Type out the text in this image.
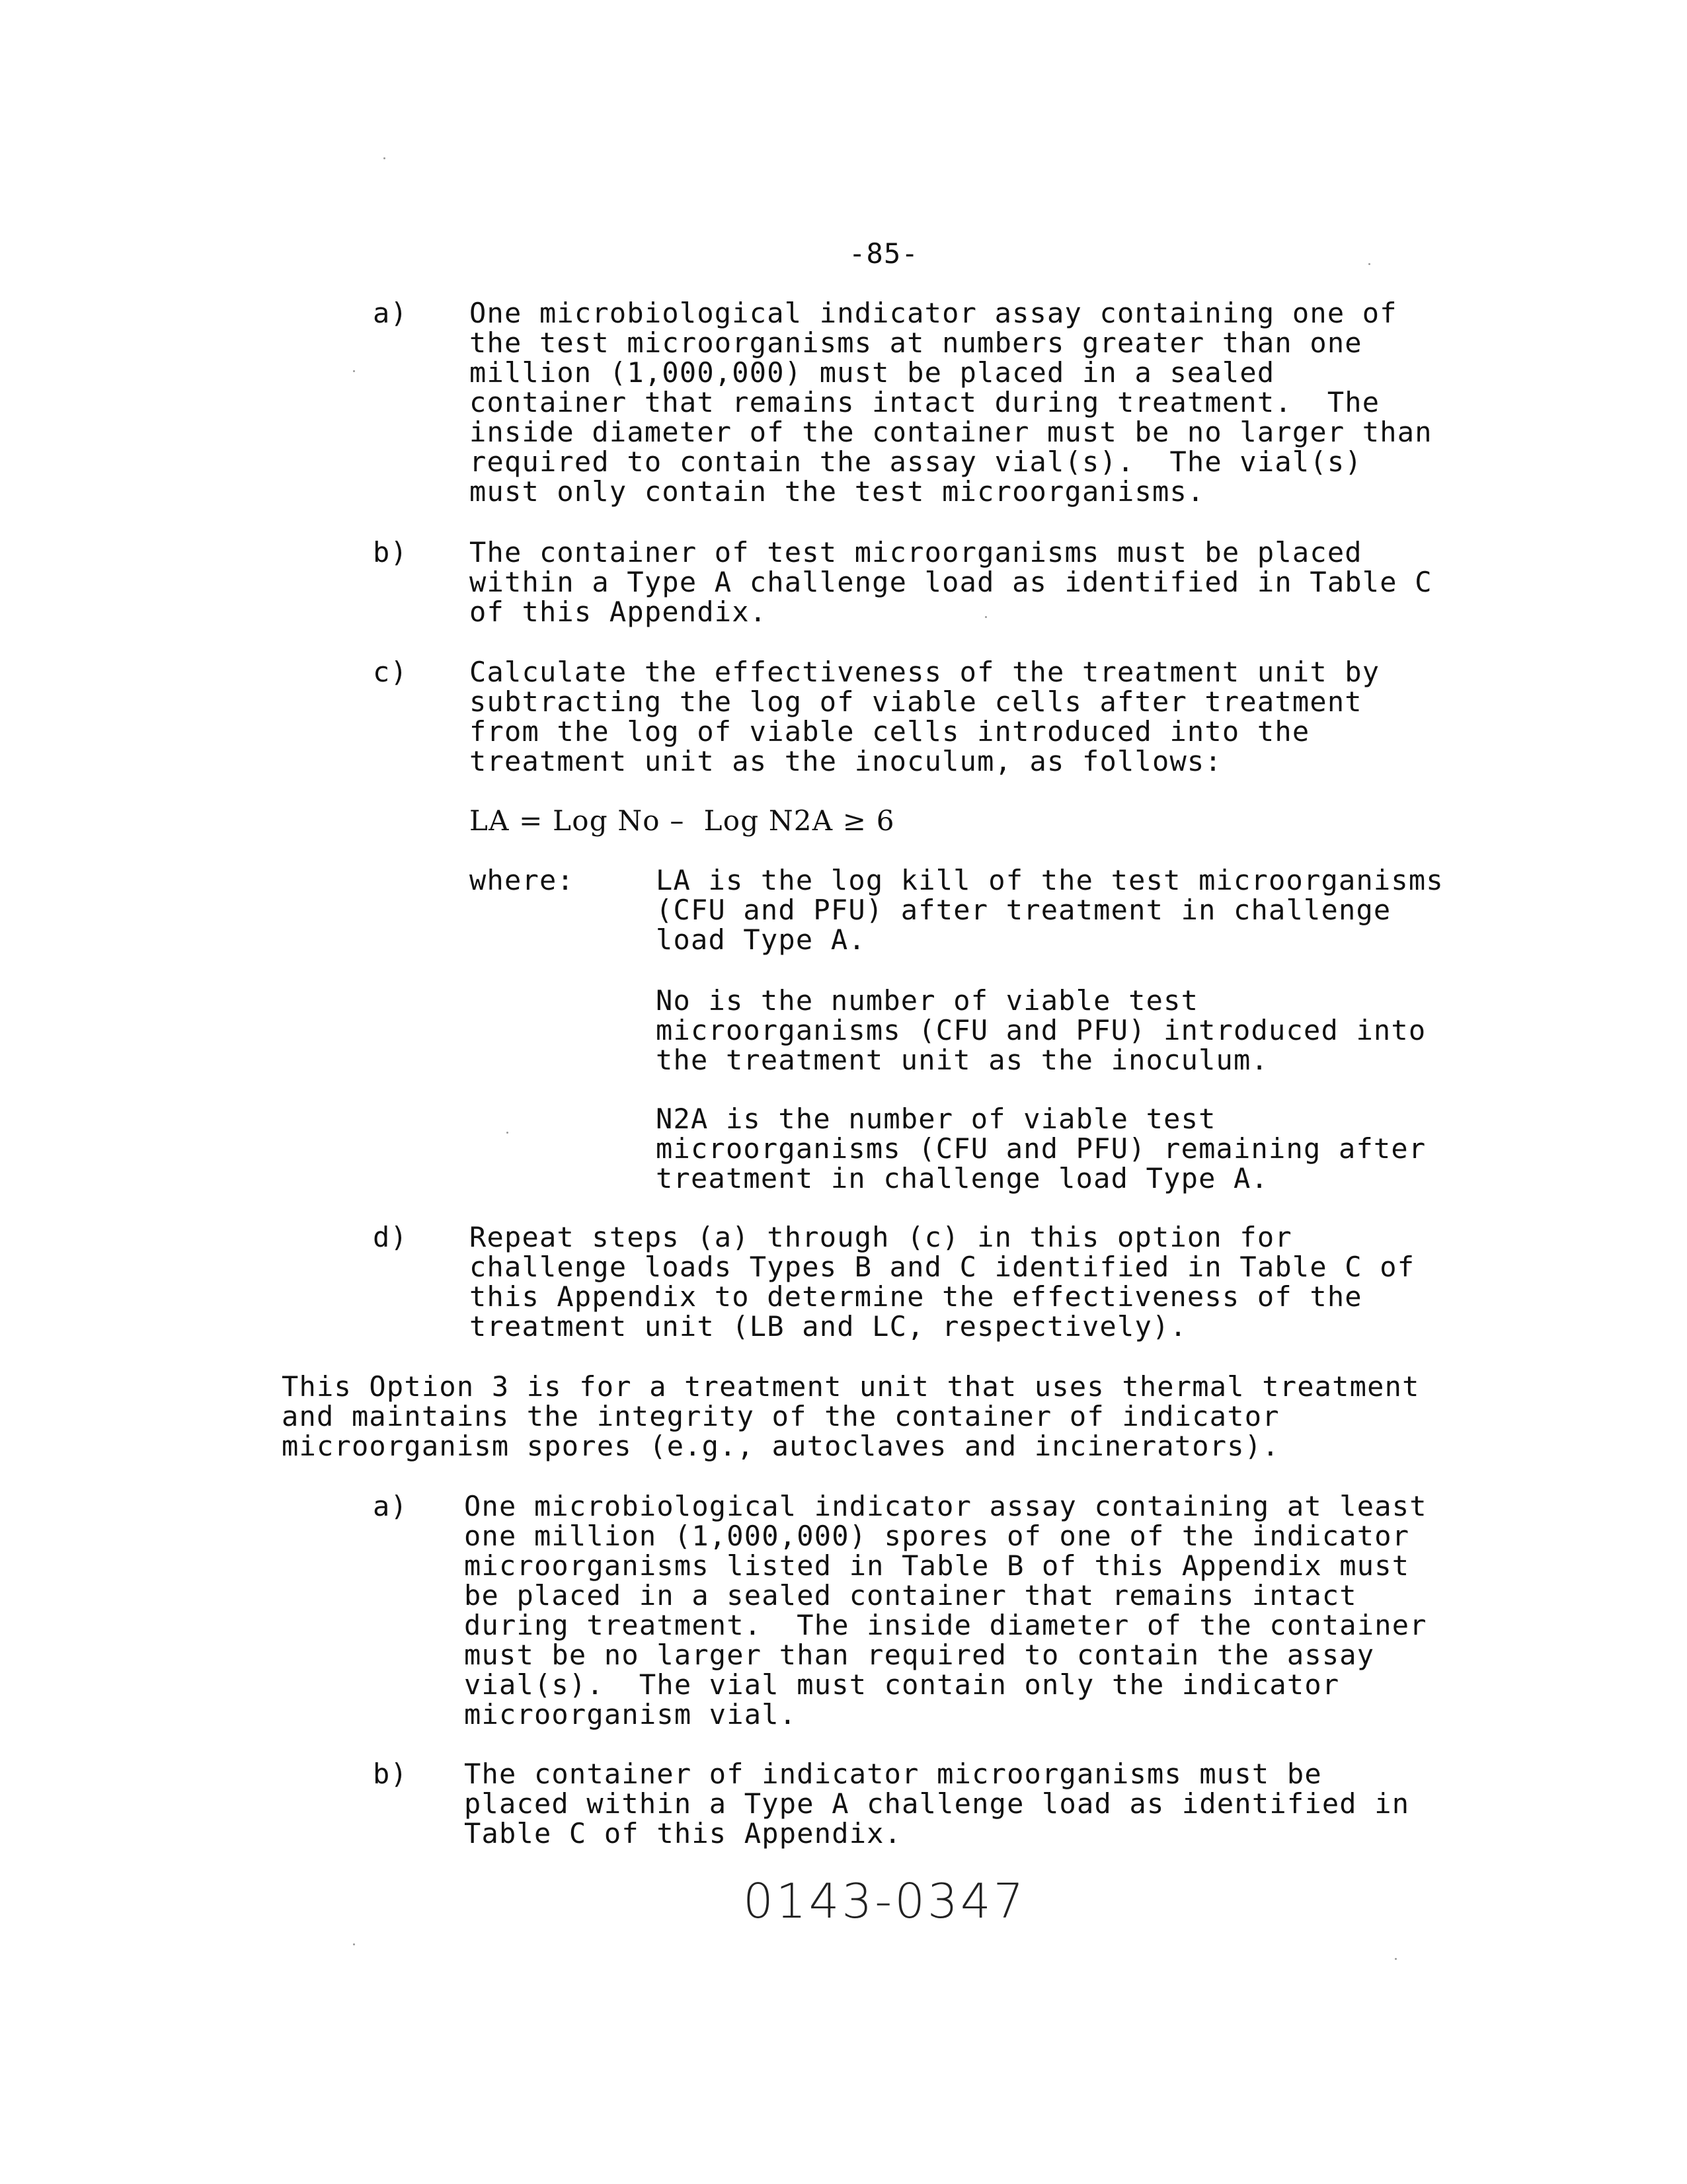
-85-

a) One microbiological indicator assay containing one of
the test microorganisms at numbers greater than one
million (1,000,000) must be placed in a sealed
container that remains intact during treatment.  The
inside diameter of the container must be no larger than
required to contain the assay vial(s).  The vial(s)
must only contain the test microorganisms.

b) The container of test microorganisms must be placed
within a Type A challenge load as identified in Table C
of this Appendix.

c) Calculate the effectiveness of the treatment unit by
subtracting the log of viable cells after treatment
from the log of viable cells introduced into the
treatment unit as the inoculum, as follows:

LA = Log No –  Log N2A ≥ 6

where:	LA is the log kill of the test microorganisms
(CFU and PFU) after treatment in challenge
load Type A.

No is the number of viable test
microorganisms (CFU and PFU) introduced into
the treatment unit as the inoculum.

N2A is the number of viable test
microorganisms (CFU and PFU) remaining after
treatment in challenge load Type A.

d) Repeat steps (a) through (c) in this option for
challenge loads Types B and C identified in Table C of
this Appendix to determine the effectiveness of the
treatment unit (LB and LC, respectively).

This Option 3 is for a treatment unit that uses thermal treatment
and maintains the integrity of the container of indicator
microorganism spores (e.g., autoclaves and incinerators).

a) One microbiological indicator assay containing at least
one million (1,000,000) spores of one of the indicator
microorganisms listed in Table B of this Appendix must
be placed in a sealed container that remains intact
during treatment.  The inside diameter of the container
must be no larger than required to contain the assay
vial(s).  The vial must contain only the indicator
microorganism vial.

b) The container of indicator microorganisms must be
placed within a Type A challenge load as identified in
Table C of this Appendix.

0143-0347
